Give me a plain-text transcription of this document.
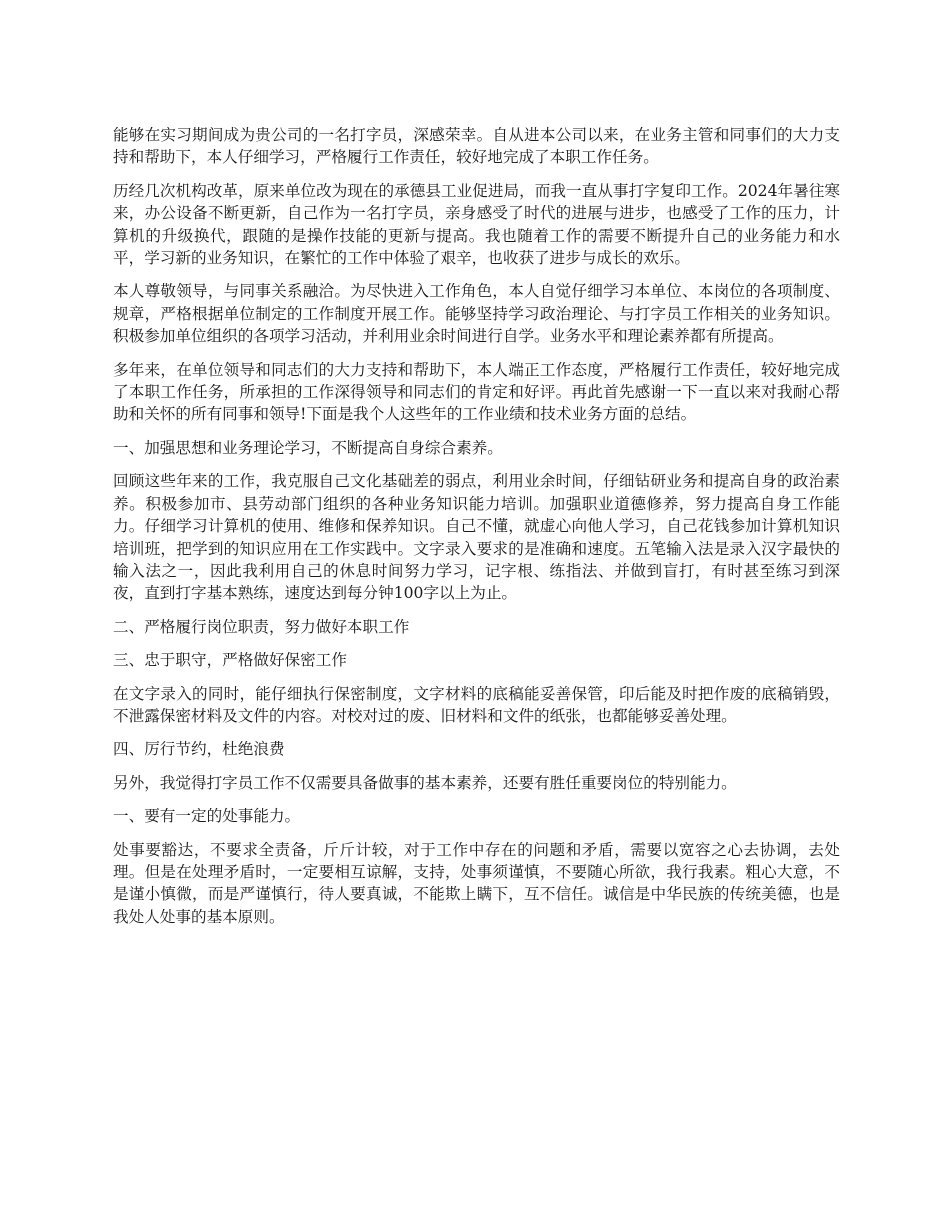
能够在实习期间成为贵公司的一名打字员，深感荣幸。自从进本公司以来，在业务主管和同事们的大力支持和帮助下，本人仔细学习，严格履行工作责任，较好地完成了本职工作任务。

历经几次机构改革，原来单位改为现在的承德县工业促进局，而我一直从事打字复印工作。2024年暑往寒来，办公设备不断更新，自己作为一名打字员，亲身感受了时代的进展与进步，也感受了工作的压力，计算机的升级换代，跟随的是操作技能的更新与提高。我也随着工作的需要不断提升自己的业务能力和水平，学习新的业务知识，在繁忙的工作中体验了艰辛，也收获了进步与成长的欢乐。

本人尊敬领导，与同事关系融洽。为尽快进入工作角色，本人自觉仔细学习本单位、本岗位的各项制度、规章，严格根据单位制定的工作制度开展工作。能够坚持学习政治理论、与打字员工作相关的业务知识。积极参加单位组织的各项学习活动，并利用业余时间进行自学。业务水平和理论素养都有所提高。

多年来，在单位领导和同志们的大力支持和帮助下，本人端正工作态度，严格履行工作责任，较好地完成了本职工作任务，所承担的工作深得领导和同志们的肯定和好评。再此首先感谢一下一直以来对我耐心帮助和关怀的所有同事和领导!下面是我个人这些年的工作业绩和技术业务方面的总结。

一、加强思想和业务理论学习，不断提高自身综合素养。

回顾这些年来的工作，我克服自己文化基础差的弱点，利用业余时间，仔细钻研业务和提高自身的政治素养。积极参加市、县劳动部门组织的各种业务知识能力培训。加强职业道德修养，努力提高自身工作能力。仔细学习计算机的使用、维修和保养知识。自己不懂，就虚心向他人学习，自己花钱参加计算机知识培训班，把学到的知识应用在工作实践中。文字录入要求的是准确和速度。五笔输入法是录入汉字最快的输入法之一，因此我利用自己的休息时间努力学习，记字根、练指法、并做到盲打，有时甚至练习到深夜，直到打字基本熟练，速度达到每分钟100字以上为止。

二、严格履行岗位职责，努力做好本职工作

三、忠于职守，严格做好保密工作

在文字录入的同时，能仔细执行保密制度，文字材料的底稿能妥善保管，印后能及时把作废的底稿销毁，不泄露保密材料及文件的内容。对校对过的废、旧材料和文件的纸张，也都能够妥善处理。

四、厉行节约，杜绝浪费

另外，我觉得打字员工作不仅需要具备做事的基本素养，还要有胜任重要岗位的特别能力。

一、要有一定的处事能力。

处事要豁达，不要求全责备，斤斤计较，对于工作中存在的问题和矛盾，需要以宽容之心去协调，去处理。但是在处理矛盾时，一定要相互谅解，支持，处事须谨慎，不要随心所欲，我行我素。粗心大意，不是谨小慎微，而是严谨慎行，待人要真诚，不能欺上瞒下，互不信任。诚信是中华民族的传统美德，也是我处人处事的基本原则。
